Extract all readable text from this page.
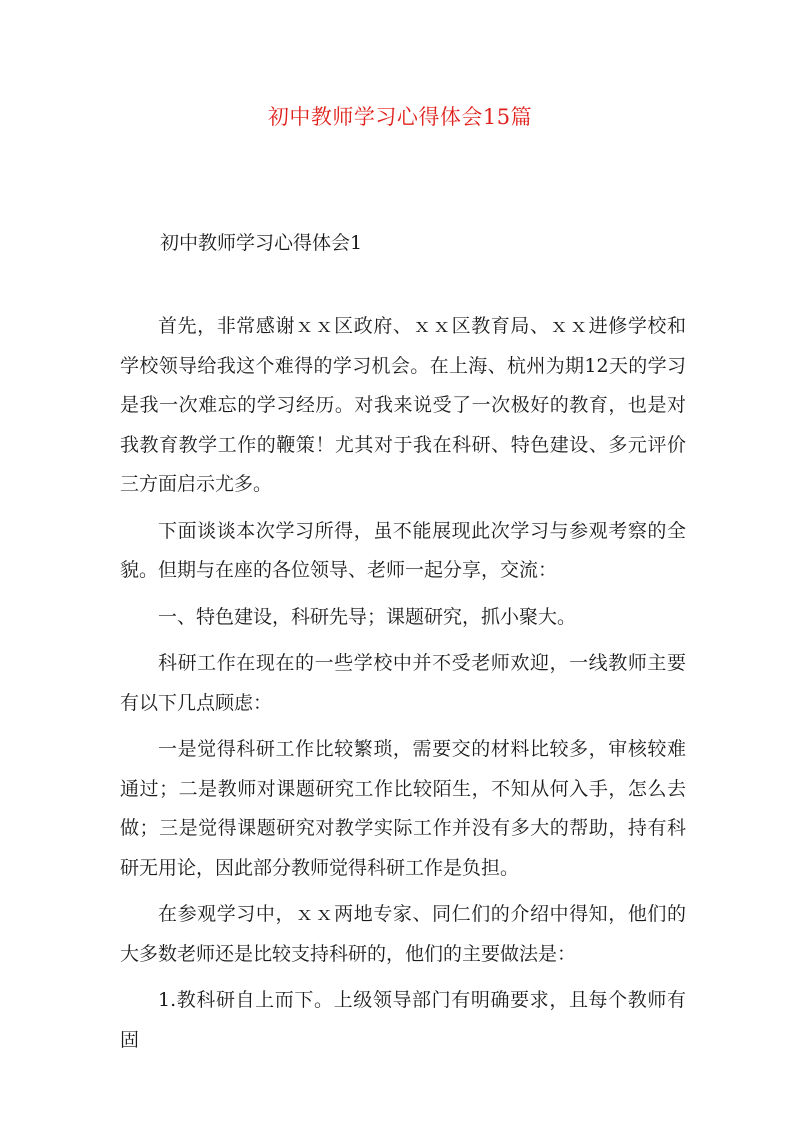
初中教师学习心得体会15篇
初中教师学习心得体会1

首先，非常感谢ｘｘ区政府、ｘｘ区教育局、ｘｘ进修学校和学校领导给我这个难得的学习机会。在上海、杭州为期12天的学习是我一次难忘的学习经历。对我来说受了一次极好的教育，也是对我教育教学工作的鞭策！尤其对于我在科研、特色建设、多元评价三方面启示尤多。

下面谈谈本次学习所得，虽不能展现此次学习与参观考察的全貌。但期与在座的各位领导、老师一起分享，交流：

一、特色建设，科研先导；课题研究，抓小聚大。

科研工作在现在的一些学校中并不受老师欢迎，一线教师主要有以下几点顾虑：

一是觉得科研工作比较繁琐，需要交的材料比较多，审核较难通过；二是教师对课题研究工作比较陌生，不知从何入手，怎么去做；三是觉得课题研究对教学实际工作并没有多大的帮助，持有科研无用论，因此部分教师觉得科研工作是负担。

在参观学习中，ｘｘ两地专家、同仁们的介绍中得知，他们的大多数老师还是比较支持科研的，他们的主要做法是：

1.教科研自上而下。上级领导部门有明确要求，且每个教师有固
